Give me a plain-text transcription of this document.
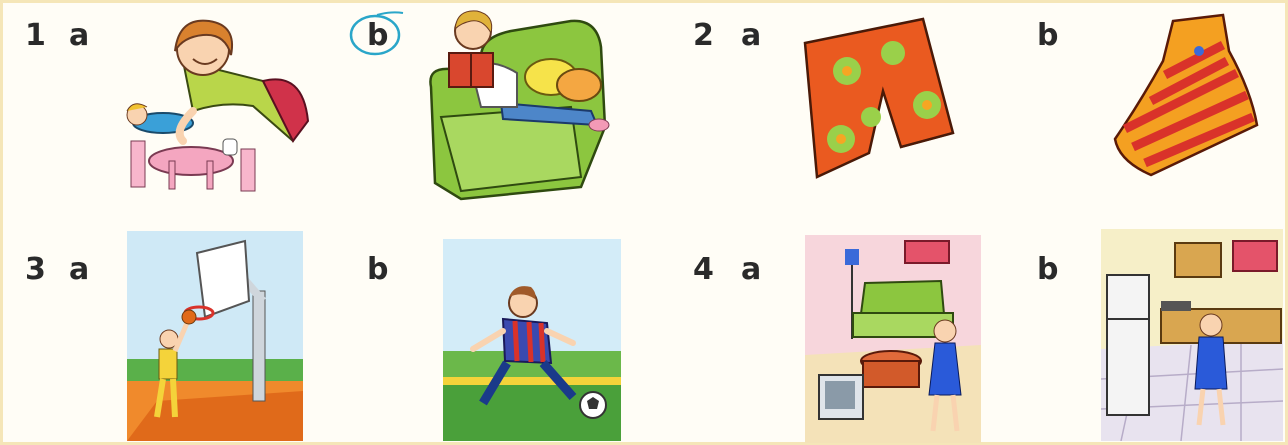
1 a	b	2 a	b
3 a	b	4 a	b
